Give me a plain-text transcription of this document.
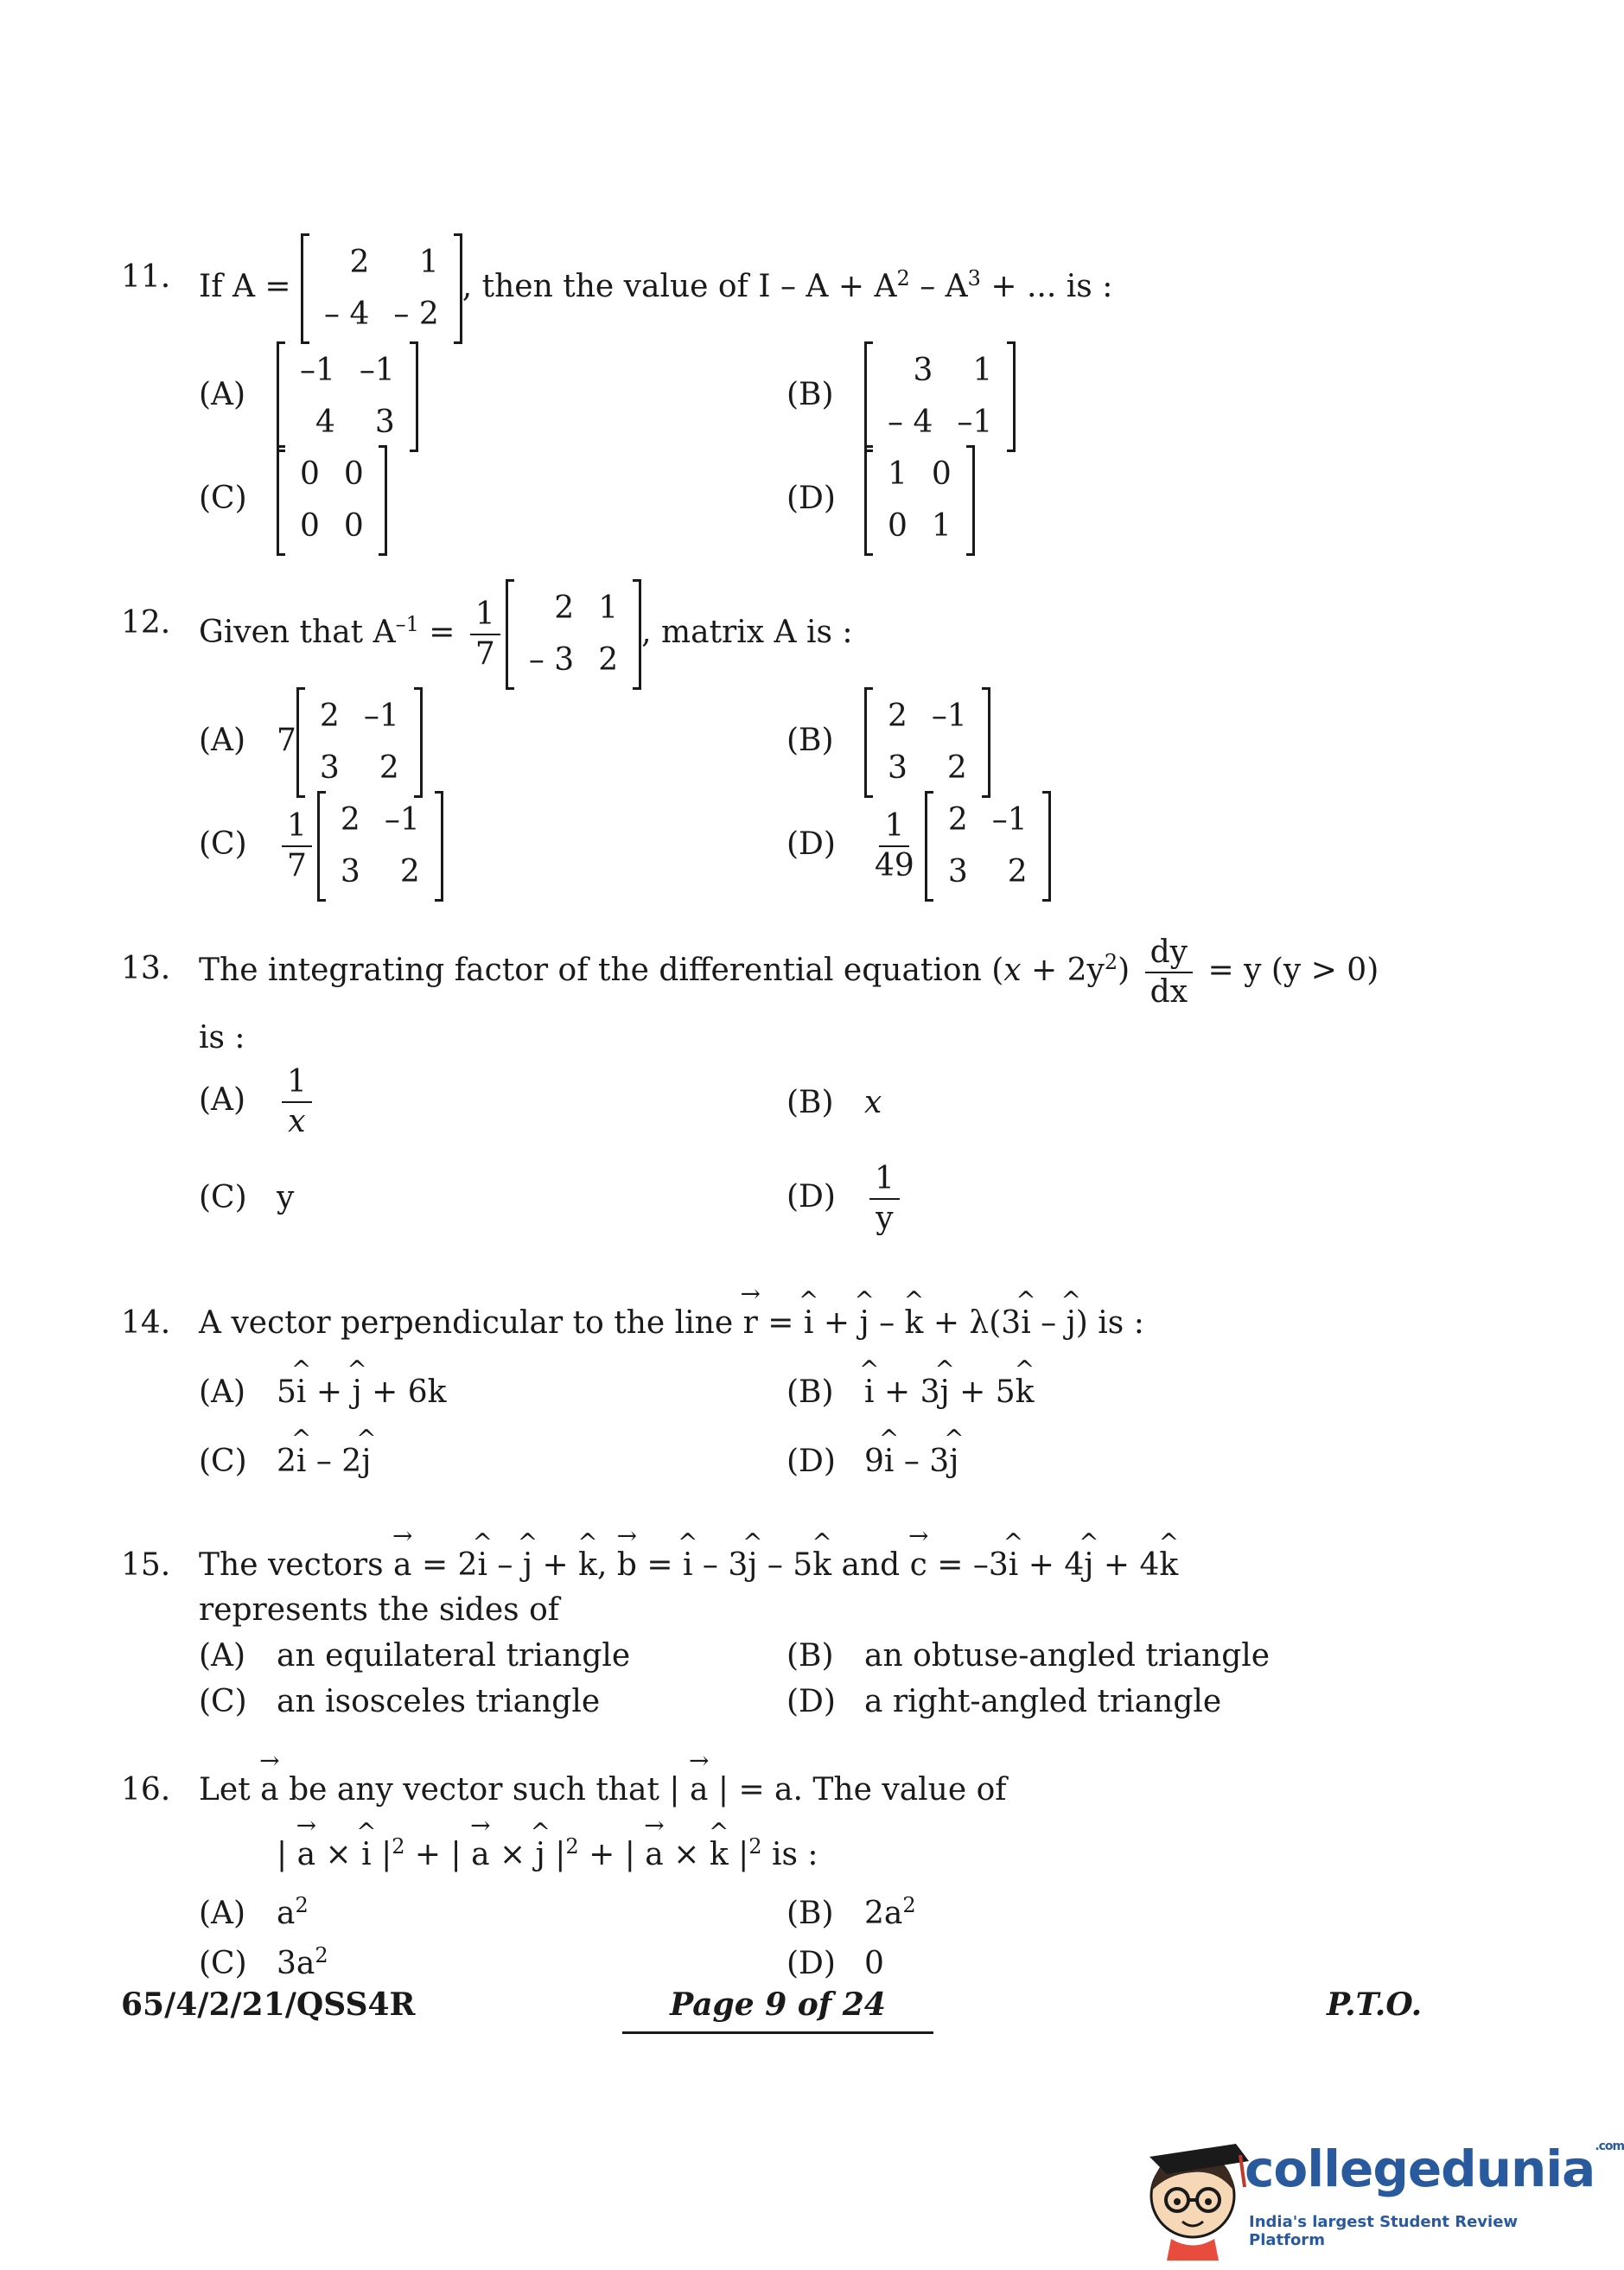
11. If A =
2	1
– 4	– 2
, then the value of $I - A + A^2 - A^3$ + ... is :
(A)
–1	–1
4	3
(B)
3	1
– 4	–1
(C)
0	0
0	0
(D)
1	0
0	1
12. Given that $A^{-1} = \frac{1}{7} 2$	1
– 3	2
, matrix A is :
(A) 7
2	–1
3	2
(B)
2	–1
3	2
$(C) \frac{1}{7} 2$	–1
3	2
$(D) \frac{1}{49} 2$	–1
3	2
13. The integrating factor of the differential equation $(x + 2y^2) \frac{dy}{dx} = y$ (y > 0)
is :
$(A) \frac{1}{x}$	(B) x
(C) y	$(D) \frac{1}{y}$
14. A vector perpendicular to the line → r = ^ i + ^ j – ^ k + λ(3^ i – ^ j) is :
(A) 5^ i + ^ j + 6k	(B) ^ i + 3^ j + 5^ k
(C) 2^ i – 2^ j	(D) 9^ i – 3^ j
15. The vectors → a = 2^ i – ^ j + ^ k, → b = ^ i – 3^ j – 5^ k and → c = –3^ i + 4^ j + 4^ k
represents the sides of
(A) an equilateral triangle	(B) an obtuse-angled triangle
(C) an isosceles triangle	(D) a right-angled triangle
16. Let → a be any vector such that | → a | = a. The value of
| → a × ^ i $|^2$ + | → a × ^ j $|^2$ + | → a × ^ k $|^2$ is :
(A) $a^2$	(B) $2a^2$
(C) $3a^2$	(D) 0
65/4/2/21/QSS4R	Page 9 of 24	P.T.O.
collegedunia$^{.com}$
India's largest Student Review Platform
